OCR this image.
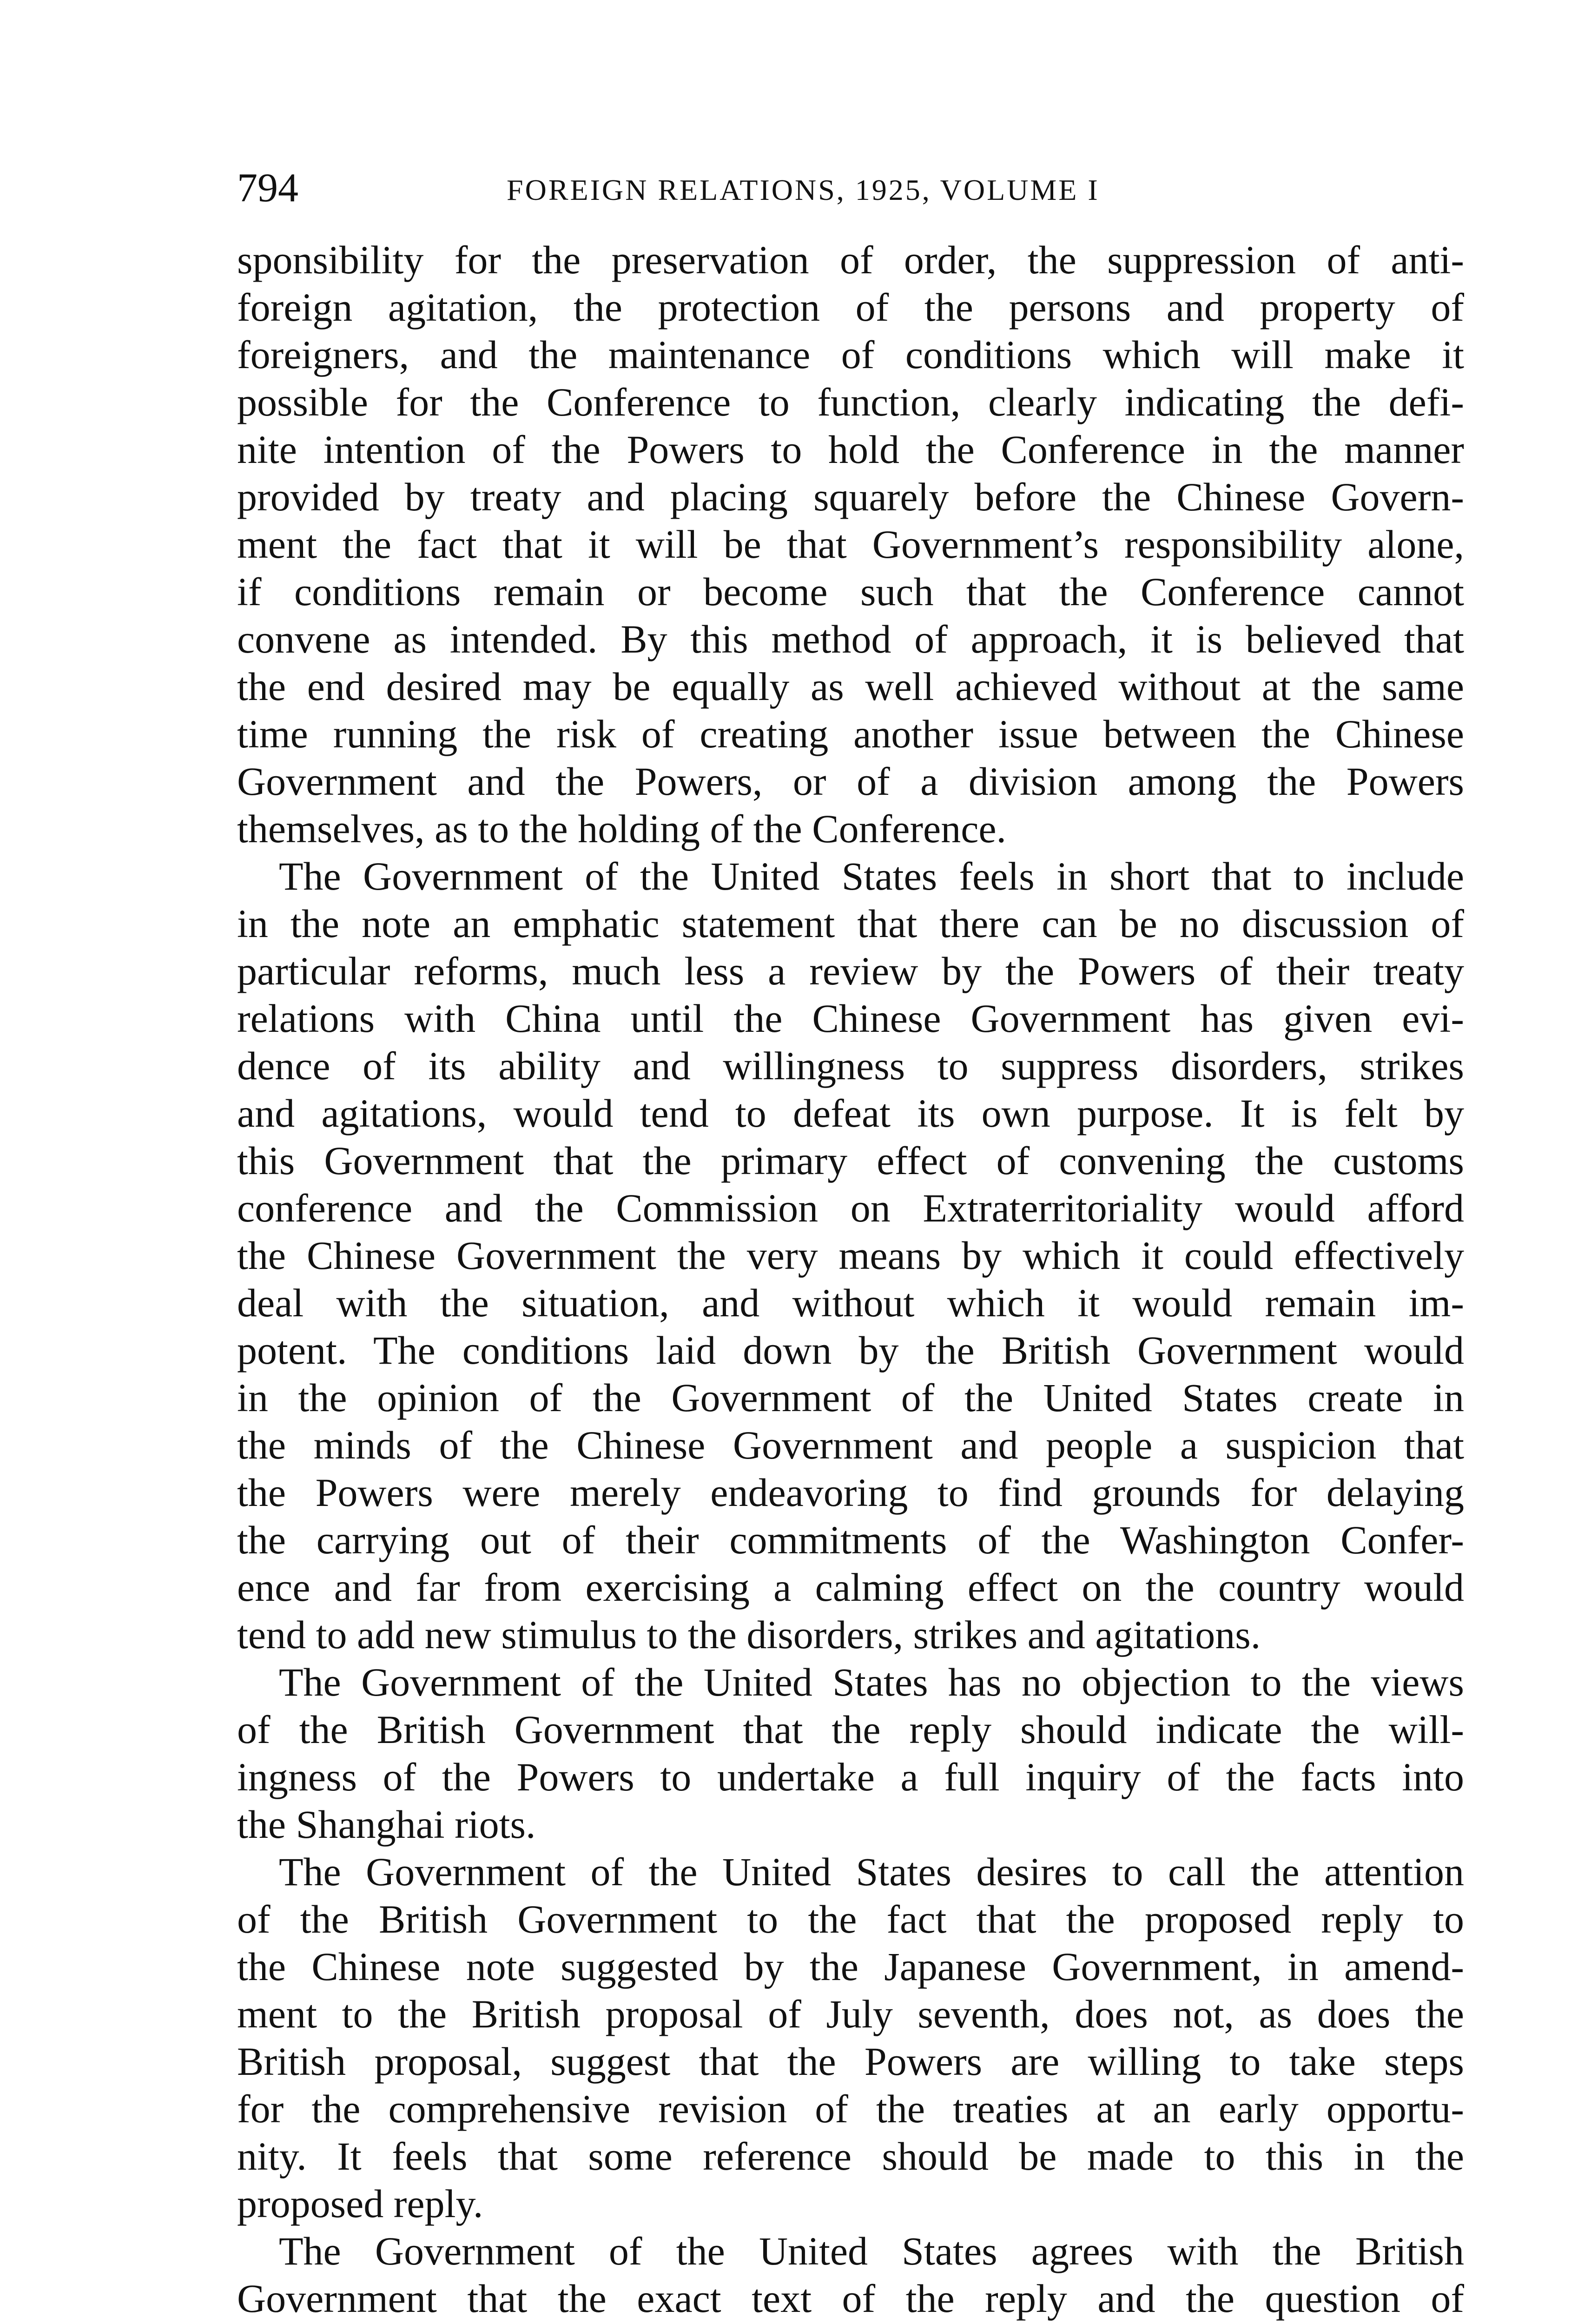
794	FOREIGN RELATIONS, 1925, VOLUME I
sponsibility for the preservation of order, the suppression of anti-
foreign agitation, the protection of the persons and property of
foreigners, and the maintenance of conditions which will make it
possible for the Conference to function, clearly indicating the defi-
nite intention of the Powers to hold the Conference in the manner
provided by treaty and placing squarely before the Chinese Govern-
ment the fact that it will be that Government’s responsibility alone,
if conditions remain or become such that the Conference cannot
convene as intended. By this method of approach, it is believed that
the end desired may be equally as well achieved without at the same
time running the risk of creating another issue between the Chinese
Government and the Powers, or of a division among the Powers
themselves, as to the holding of the Conference.
The Government of the United States feels in short that to include
in the note an emphatic statement that there can be no discussion of
particular reforms, much less a review by the Powers of their treaty
relations with China until the Chinese Government has given evi-
dence of its ability and willingness to suppress disorders, strikes
and agitations, would tend to defeat its own purpose. It is felt by
this Government that the primary effect of convening the customs
conference and the Commission on Extraterritoriality would afford
the Chinese Government the very means by which it could effectively
deal with the situation, and without which it would remain im-
potent. The conditions laid down by the British Government would
in the opinion of the Government of the United States create in
the minds of the Chinese Government and people a suspicion that
the Powers were merely endeavoring to find grounds for delaying
the carrying out of their commitments of the Washington Confer-
ence and far from exercising a calming effect on the country would
tend to add new stimulus to the disorders, strikes and agitations.
The Government of the United States has no objection to the views
of the British Government that the reply should indicate the will-
ingness of the Powers to undertake a full inquiry of the facts into
the Shanghai riots.
The Government of the United States desires to call the attention
of the British Government to the fact that the proposed reply to
the Chinese note suggested by the Japanese Government, in amend-
ment to the British proposal of July seventh, does not, as does the
British proposal, suggest that the Powers are willing to take steps
for the comprehensive revision of the treaties at an early opportu-
nity. It feels that some reference should be made to this in the
proposed reply.
The Government of the United States agrees with the British
Government that the exact text of the reply and the question of
